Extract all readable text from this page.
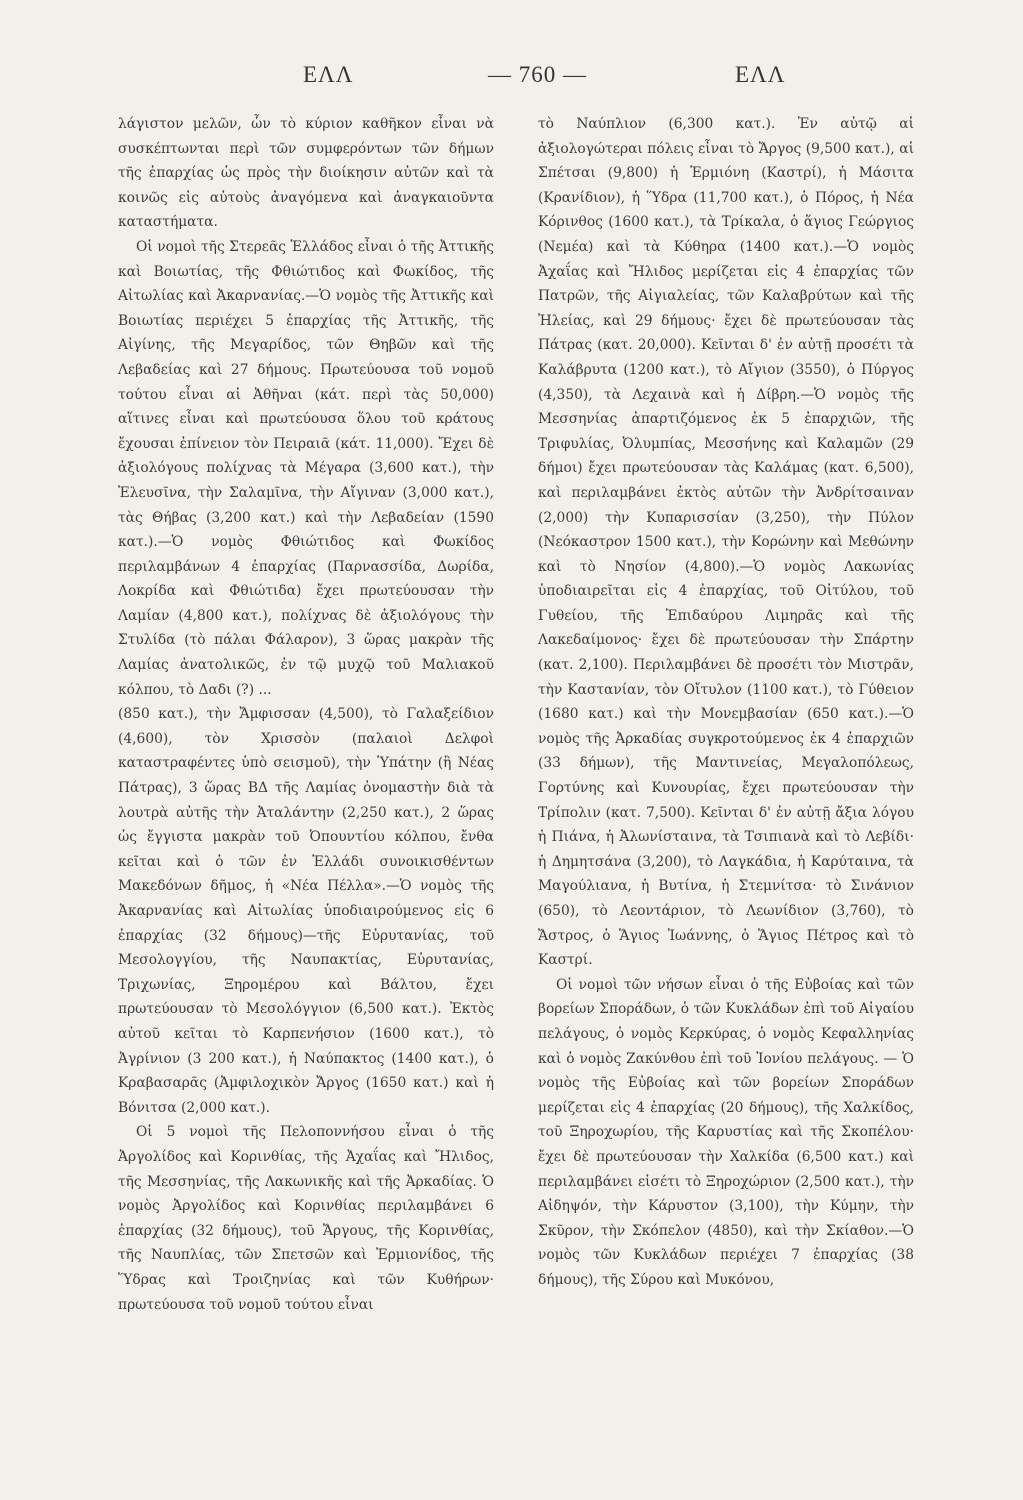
ΕΛΛ	— 760 —	ΕΛΛ

λάγιστον μελῶν, ὧν τὸ κύριον καθῆκον εἶναι νὰ συσκέπτωνται περὶ τῶν συμφερόντων τῶν δήμων τῆς ἐπαρχίας ὡς πρὸς τὴν διοίκησιν αὐτῶν καὶ τὰ κοινῶς εἰς αὐτοὺς ἀναγόμενα καὶ ἀναγκαιοῦντα καταστήματα.

Οἱ νομοὶ τῆς Στερεᾶς Ἑλλάδος εἶναι ὁ τῆς Ἀττικῆς καὶ Βοιωτίας, τῆς Φθιώτιδος καὶ Φωκίδος, τῆς Αἰτωλίας καὶ Ἀκαρνανίας.—Ὁ νομὸς τῆς Ἀττικῆς καὶ Βοιωτίας περιέχει 5 ἐπαρχίας τῆς Ἀττικῆς, τῆς Αἰγίνης, τῆς Μεγαρίδος, τῶν Θηβῶν καὶ τῆς Λεβαδείας καὶ 27 δήμους. Πρωτεύουσα τοῦ νομοῦ τούτου εἶναι αἱ Ἀθῆναι (κάτ. περὶ τὰς 50,000) αἵτινες εἶναι καὶ πρωτεύουσα ὅλου τοῦ κράτους ἔχουσαι ἐπίνειον τὸν Πειραιᾶ (κάτ. 11,000). Ἔχει δὲ ἀξιολόγους πολίχνας τὰ Μέγαρα (3,600 κατ.), τὴν Ἐλευσῖνα, τὴν Σαλαμῖνα, τὴν Αἴγιναν (3,000 κατ.), τὰς Θήβας (3,200 κατ.) καὶ τὴν Λεβαδείαν (1590 κατ.).—Ὁ νομὸς Φθιώτιδος καὶ Φωκίδος περιλαμβάνων 4 ἐπαρχίας (Παρνασσίδα, Δωρίδα, Λοκρίδα καὶ Φθιώτιδα) ἔχει πρωτεύουσαν τὴν Λαμίαν (4,800 κατ.), πολίχνας δὲ ἀξιολόγους τὴν Στυλίδα (τὸ πάλαι Φάλαρον), 3 ὥρας μακρὰν τῆς Λαμίας ἀνατολικῶς, ἐν τῷ μυχῷ τοῦ Μαλιακοῦ κόλπου, τὸ Δαδι (?) ...

(850 κατ.), τὴν Ἄμφισσαν (4,500), τὸ Γαλαξείδιον (4,600), τὸν Χρισσὸν (παλαιοὶ Δελφοὶ καταστραφέντες ὑπὸ σεισμοῦ), τὴν Ὑπάτην (ἢ Νέας Πάτρας), 3 ὥρας ΒΔ τῆς Λαμίας ὀνομαστὴν διὰ τὰ λουτρὰ αὐτῆς τὴν Ἀταλάντην (2,250 κατ.), 2 ὥρας ὡς ἔγγιστα μακρὰν τοῦ Ὀπουντίου κόλπου, ἔνθα κεῖται καὶ ὁ τῶν ἐν Ἑλλάδι συνοικισθέντων Μακεδόνων δῆμος, ἡ «Νέα Πέλλα».—Ὁ νομὸς τῆς Ἀκαρνανίας καὶ Αἰτωλίας ὑποδιαιρούμενος εἰς 6 ἐπαρχίας (32 δήμους)—τῆς Εὐρυτανίας, τοῦ Μεσολογγίου, τῆς Ναυπακτίας, Εὐρυτανίας, Τριχωνίας, Ξηρομέρου καὶ Βάλτου, ἔχει πρωτεύουσαν τὸ Μεσολόγγιον (6,500 κατ.). Ἐκτὸς αὐτοῦ κεῖται τὸ Καρπενήσιον (1600 κατ.), τὸ Ἀγρίνιον (3 200 κατ.), ἡ Ναύπακτος (1400 κατ.), ὁ Κραβασαρᾶς (Ἀμφιλοχικὸν Ἄργος (1650 κατ.) καὶ ἡ Βόνιτσα (2,000 κατ.).

Οἱ 5 νομοὶ τῆς Πελοποννήσου εἶναι ὁ τῆς Ἀργολίδος καὶ Κορινθίας, τῆς Ἀχαΐας καὶ Ἤλιδος, τῆς Μεσσηνίας, τῆς Λακωνικῆς καὶ τῆς Ἀρκαδίας. Ὁ νομὸς Ἀργολίδος καὶ Κορινθίας περιλαμβάνει 6 ἐπαρχίας (32 δήμους), τοῦ Ἄργους, τῆς Κορινθίας, τῆς Ναυπλίας, τῶν Σπετσῶν καὶ Ἑρμιονίδος, τῆς Ὕδρας καὶ Τροιζηνίας καὶ τῶν Κυθήρων· πρωτεύουσα τοῦ νομοῦ τούτου εἶναι

τὸ Ναύπλιον (6,300 κατ.). Ἐν αὐτῷ αἱ ἀξιολογώτεραι πόλεις εἶναι τὸ Ἄργος (9,500 κατ.), αἱ Σπέτσαι (9,800) ἡ Ἑρμιόνη (Καστρί), ἡ Μάσιτα (Κρανίδιον), ἡ Ὕδρα (11,700 κατ.), ὁ Πόρος, ἡ Νέα Κόρινθος (1600 κατ.), τὰ Τρίκαλα, ὁ ἅγιος Γεώργιος (Νεμέα) καὶ τὰ Κύθηρα (1400 κατ.).—Ὁ νομὸς Ἀχαΐας καὶ Ἤλιδος μερίζεται εἰς 4 ἐπαρχίας τῶν Πατρῶν, τῆς Αἰγιαλείας, τῶν Καλαβρύτων καὶ τῆς Ἠλείας, καὶ 29 δήμους· ἔχει δὲ πρωτεύουσαν τὰς Πάτρας (κατ. 20,000). Κεῖνται δ' ἐν αὐτῇ προσέτι τὰ Καλάβρυτα (1200 κατ.), τὸ Αἴγιον (3550), ὁ Πύργος (4,350), τὰ Λεχαινὰ καὶ ἡ Δίβρη.—Ὁ νομὸς τῆς Μεσσηνίας ἀπαρτιζόμενος ἐκ 5 ἐπαρχιῶν, τῆς Τριφυλίας, Ὀλυμπίας, Μεσσήνης καὶ Καλαμῶν (29 δήμοι) ἔχει πρωτεύουσαν τὰς Καλάμας (κατ. 6,500), καὶ περιλαμβάνει ἐκτὸς αὐτῶν τὴν Ἀνδρίτσαιναν (2,000) τὴν Κυπαρισσίαν (3,250), τὴν Πύλον (Νεόκαστρον 1500 κατ.), τὴν Κορώνην καὶ Μεθώνην καὶ τὸ Νησίον (4,800).—Ὁ νομὸς Λακωνίας ὑποδιαιρεῖται εἰς 4 ἐπαρχίας, τοῦ Οἰτύλου, τοῦ Γυθείου, τῆς Ἐπιδαύρου Λιμηρᾶς καὶ τῆς Λακεδαίμονος· ἔχει δὲ πρωτεύουσαν τὴν Σπάρτην (κατ. 2,100). Περιλαμβάνει δὲ προσέτι τὸν Μιστρᾶν, τὴν Καστανίαν, τὸν Οἴτυλον (1100 κατ.), τὸ Γύθειον (1680 κατ.) καὶ τὴν Μονεμβασίαν (650 κατ.).—Ὁ νομὸς τῆς Ἀρκαδίας συγκροτούμενος ἐκ 4 ἐπαρχιῶν (33 δήμων), τῆς Μαντινείας, Μεγαλοπόλεως, Γορτύνης καὶ Κυνουρίας, ἔχει πρωτεύουσαν τὴν Τρίπολιν (κατ. 7,500). Κεῖνται δ' ἐν αὐτῇ ἄξια λόγου ἡ Πιάνα, ἡ Ἀλωνίσταινα, τὰ Τσιπιανὰ καὶ τὸ Λεβίδι· ἡ Δημητσάνα (3,200), τὸ Λαγκάδια, ἡ Καρύταινα, τὰ Μαγούλιανα, ἡ Βυτίνα, ἡ Στεμνίτσα· τὸ Σινάνιον (650), τὸ Λεοντάριον, τὸ Λεωνίδιον (3,760), τὸ Ἄστρος, ὁ Ἅγιος Ἰωάννης, ὁ Ἅγιος Πέτρος καὶ τὸ Καστρί.

Οἱ νομοὶ τῶν νήσων εἶναι ὁ τῆς Εὐβοίας καὶ τῶν βορείων Σποράδων, ὁ τῶν Κυκλάδων ἐπὶ τοῦ Αἰγαίου πελάγους, ὁ νομὸς Κερκύρας, ὁ νομὸς Κεφαλληνίας καὶ ὁ νομὸς Ζακύνθου ἐπὶ τοῦ Ἰονίου πελάγους. — Ὁ νομὸς τῆς Εὐβοίας καὶ τῶν βορείων Σποράδων μερίζεται εἰς 4 ἐπαρχίας (20 δήμους), τῆς Χαλκίδος, τοῦ Ξηροχωρίου, τῆς Καρυστίας καὶ τῆς Σκοπέλου· ἔχει δὲ πρωτεύουσαν τὴν Χαλκίδα (6,500 κατ.) καὶ περιλαμβάνει εἰσέτι τὸ Ξηροχώριον (2,500 κατ.), τὴν Αἰδηψόν, τὴν Κάρυστον (3,100), τὴν Κύμην, τὴν Σκῦρον, τὴν Σκόπελον (4850), καὶ τὴν Σκίαθον.—Ὁ νομὸς τῶν Κυκλάδων περιέχει 7 ἐπαρχίας (38 δήμους), τῆς Σύρου καὶ Μυκόνου,
